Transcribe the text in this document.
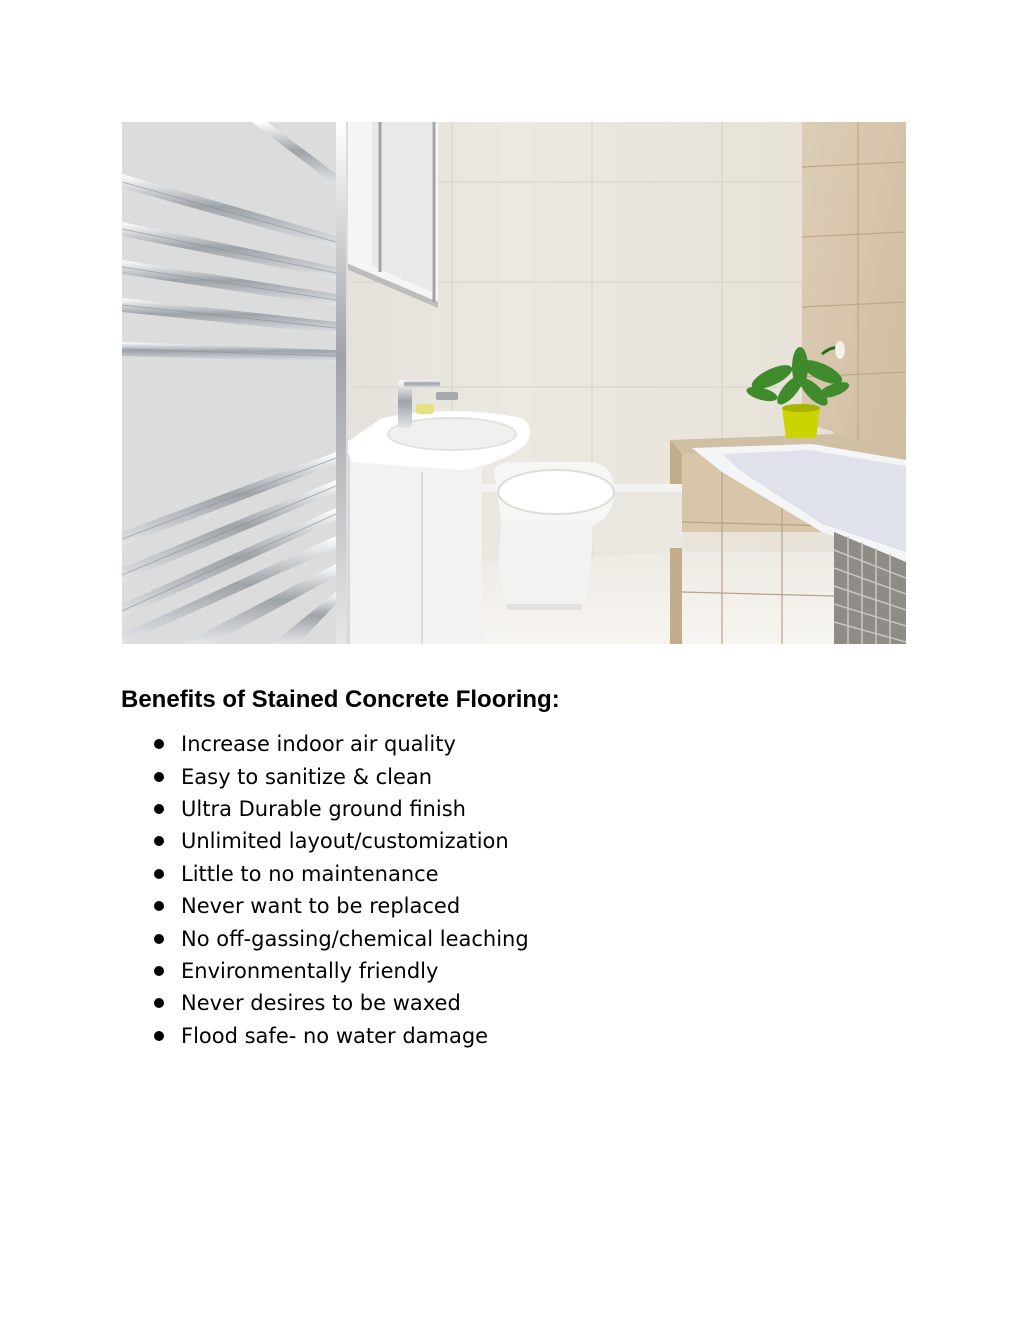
Benefits of Stained Concrete Flooring:
Increase indoor air quality
Easy to sanitize & clean
Ultra Durable ground finish
Unlimited layout/customization
Little to no maintenance
Never want to be replaced
No off-gassing/chemical leaching
Environmentally friendly
Never desires to be waxed
Flood safe- no water damage
